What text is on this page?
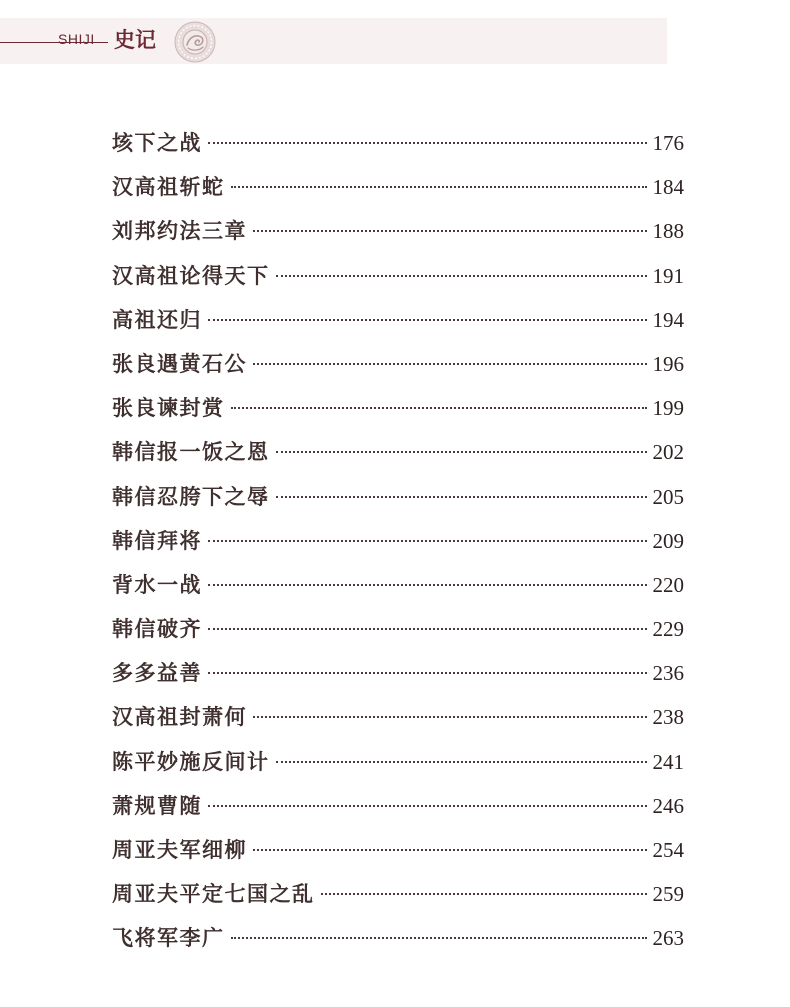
SHIJI 史记
垓下之战	176
汉高祖斩蛇	184
刘邦约法三章	188
汉高祖论得天下	191
高祖还归	194
张良遇黄石公	196
张良谏封赏	199
韩信报一饭之恩	202
韩信忍胯下之辱	205
韩信拜将	209
背水一战	220
韩信破齐	229
多多益善	236
汉高祖封萧何	238
陈平妙施反间计	241
萧规曹随	246
周亚夫军细柳	254
周亚夫平定七国之乱	259
飞将军李广	263
